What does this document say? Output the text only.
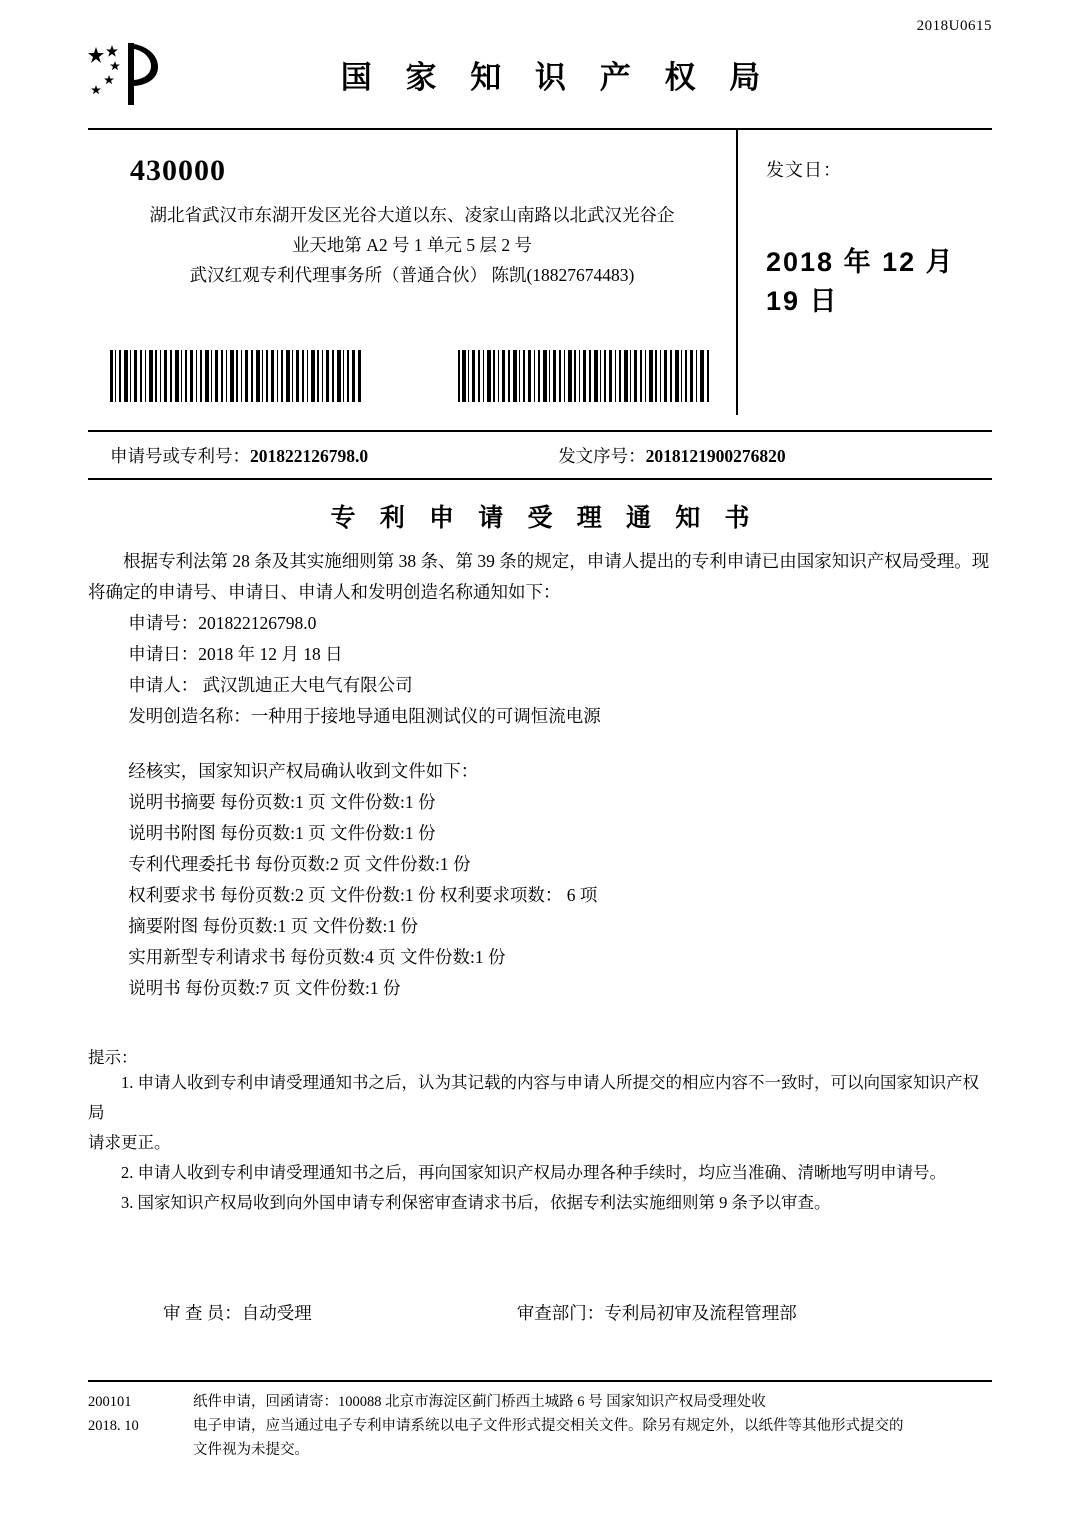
2018U0615
国 家 知 识 产 权 局
430000
湖北省武汉市东湖开发区光谷大道以东、凌家山南路以北武汉光谷企
业天地第 A2 号 1 单元 5 层 2 号
武汉红观专利代理事务所（普通合伙） 陈凯(18827674483)
发文日：
2018 年 12 月 19 日
申请号或专利号：201822126798.0	发文序号：2018121900276820
专 利 申 请 受 理 通 知 书
根据专利法第 28 条及其实施细则第 38 条、第 39 条的规定，申请人提出的专利申请已由国家知识产权局受理。现将确定的申请号、申请日、申请人和发明创造名称通知如下：
申请号：201822126798.0
申请日：2018 年 12 月 18 日
申请人： 武汉凯迪正大电气有限公司
发明创造名称：一种用于接地导通电阻测试仪的可调恒流电源
经核实，国家知识产权局确认收到文件如下：
说明书摘要 每份页数:1 页 文件份数:1 份
说明书附图 每份页数:1 页 文件份数:1 份
专利代理委托书 每份页数:2 页 文件份数:1 份
权利要求书 每份页数:2 页 文件份数:1 份 权利要求项数： 6 项
摘要附图 每份页数:1 页 文件份数:1 份
实用新型专利请求书 每份页数:4 页 文件份数:1 份
说明书 每份页数:7 页 文件份数:1 份
提示：
1. 申请人收到专利申请受理通知书之后，认为其记载的内容与申请人所提交的相应内容不一致时，可以向国家知识产权局
请求更正。
2. 申请人收到专利申请受理通知书之后，再向国家知识产权局办理各种手续时，均应当准确、清晰地写明申请号。
3. 国家知识产权局收到向外国申请专利保密审查请求书后，依据专利法实施细则第 9 条予以审查。
审 查 员：自动受理	审查部门：专利局初审及流程管理部
200101
2018. 10
纸件申请，回函请寄：100088 北京市海淀区蓟门桥西土城路 6 号 国家知识产权局受理处收
电子申请，应当通过电子专利申请系统以电子文件形式提交相关文件。除另有规定外，以纸件等其他形式提交的
文件视为未提交。
